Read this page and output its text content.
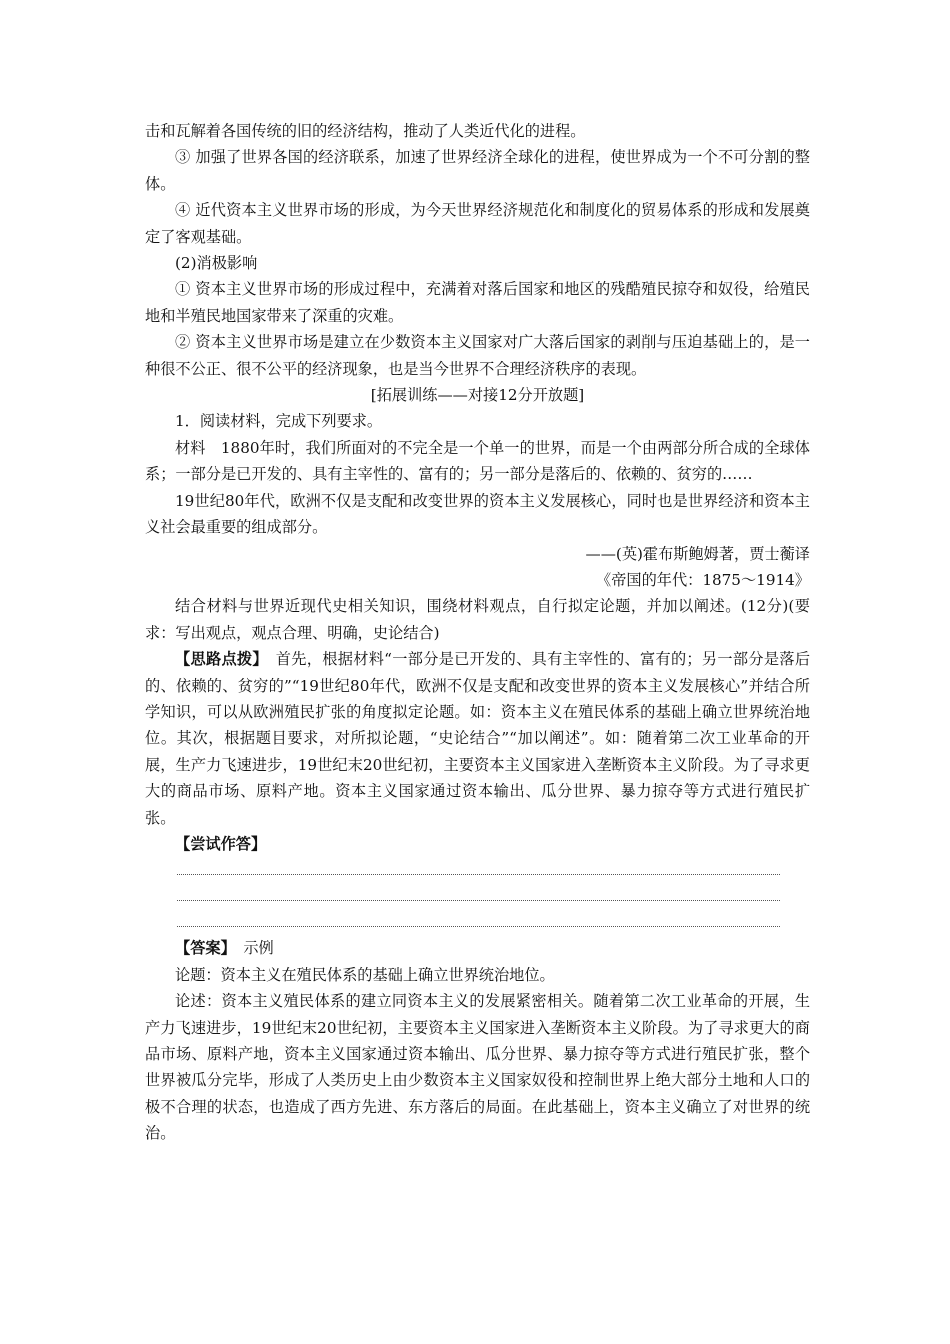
击和瓦解着各国传统的旧的经济结构，推动了人类近代化的进程。

③ 加强了世界各国的经济联系，加速了世界经济全球化的进程，使世界成为一个不可分割的整体。

④ 近代资本主义世界市场的形成，为今天世界经济规范化和制度化的贸易体系的形成和发展奠定了客观基础。

(2)消极影响

① 资本主义世界市场的形成过程中，充满着对落后国家和地区的残酷殖民掠夺和奴役，给殖民地和半殖民地国家带来了深重的灾难。

② 资本主义世界市场是建立在少数资本主义国家对广大落后国家的剥削与压迫基础上的，是一种很不公正、很不公平的经济现象，也是当今世界不合理经济秩序的表现。

[拓展训练——对接12分开放题]

1．阅读材料，完成下列要求。

材料　1880年时，我们所面对的不完全是一个单一的世界，而是一个由两部分所合成的全球体系；一部分是已开发的、具有主宰性的、富有的；另一部分是落后的、依赖的、贫穷的……

19世纪80年代，欧洲不仅是支配和改变世界的资本主义发展核心，同时也是世界经济和资本主义社会最重要的组成部分。

——(英)霍布斯鲍姆著，贾士蘅译

《帝国的年代：1875～1914》

结合材料与世界近现代史相关知识，围绕材料观点，自行拟定论题，并加以阐述。(12分)(要求：写出观点，观点合理、明确，史论结合)

【思路点拨】　首先，根据材料“一部分是已开发的、具有主宰性的、富有的；另一部分是落后的、依赖的、贫穷的”“19世纪80年代，欧洲不仅是支配和改变世界的资本主义发展核心”并结合所学知识，可以从欧洲殖民扩张的角度拟定论题。如：资本主义在殖民体系的基础上确立世界统治地位。其次，根据题目要求，对所拟论题，“史论结合”“加以阐述”。如：随着第二次工业革命的开展，生产力飞速进步，19世纪末20世纪初，主要资本主义国家进入垄断资本主义阶段。为了寻求更大的商品市场、原料产地。资本主义国家通过资本输出、瓜分世界、暴力掠夺等方式进行殖民扩张。

【尝试作答】

【答案】　示例

论题：资本主义在殖民体系的基础上确立世界统治地位。

论述：资本主义殖民体系的建立同资本主义的发展紧密相关。随着第二次工业革命的开展，生产力飞速进步，19世纪末20世纪初，主要资本主义国家进入垄断资本主义阶段。为了寻求更大的商品市场、原料产地，资本主义国家通过资本输出、瓜分世界、暴力掠夺等方式进行殖民扩张，整个世界被瓜分完毕，形成了人类历史上由少数资本主义国家奴役和控制世界上绝大部分土地和人口的极不合理的状态，也造成了西方先进、东方落后的局面。在此基础上，资本主义确立了对世界的统治。
